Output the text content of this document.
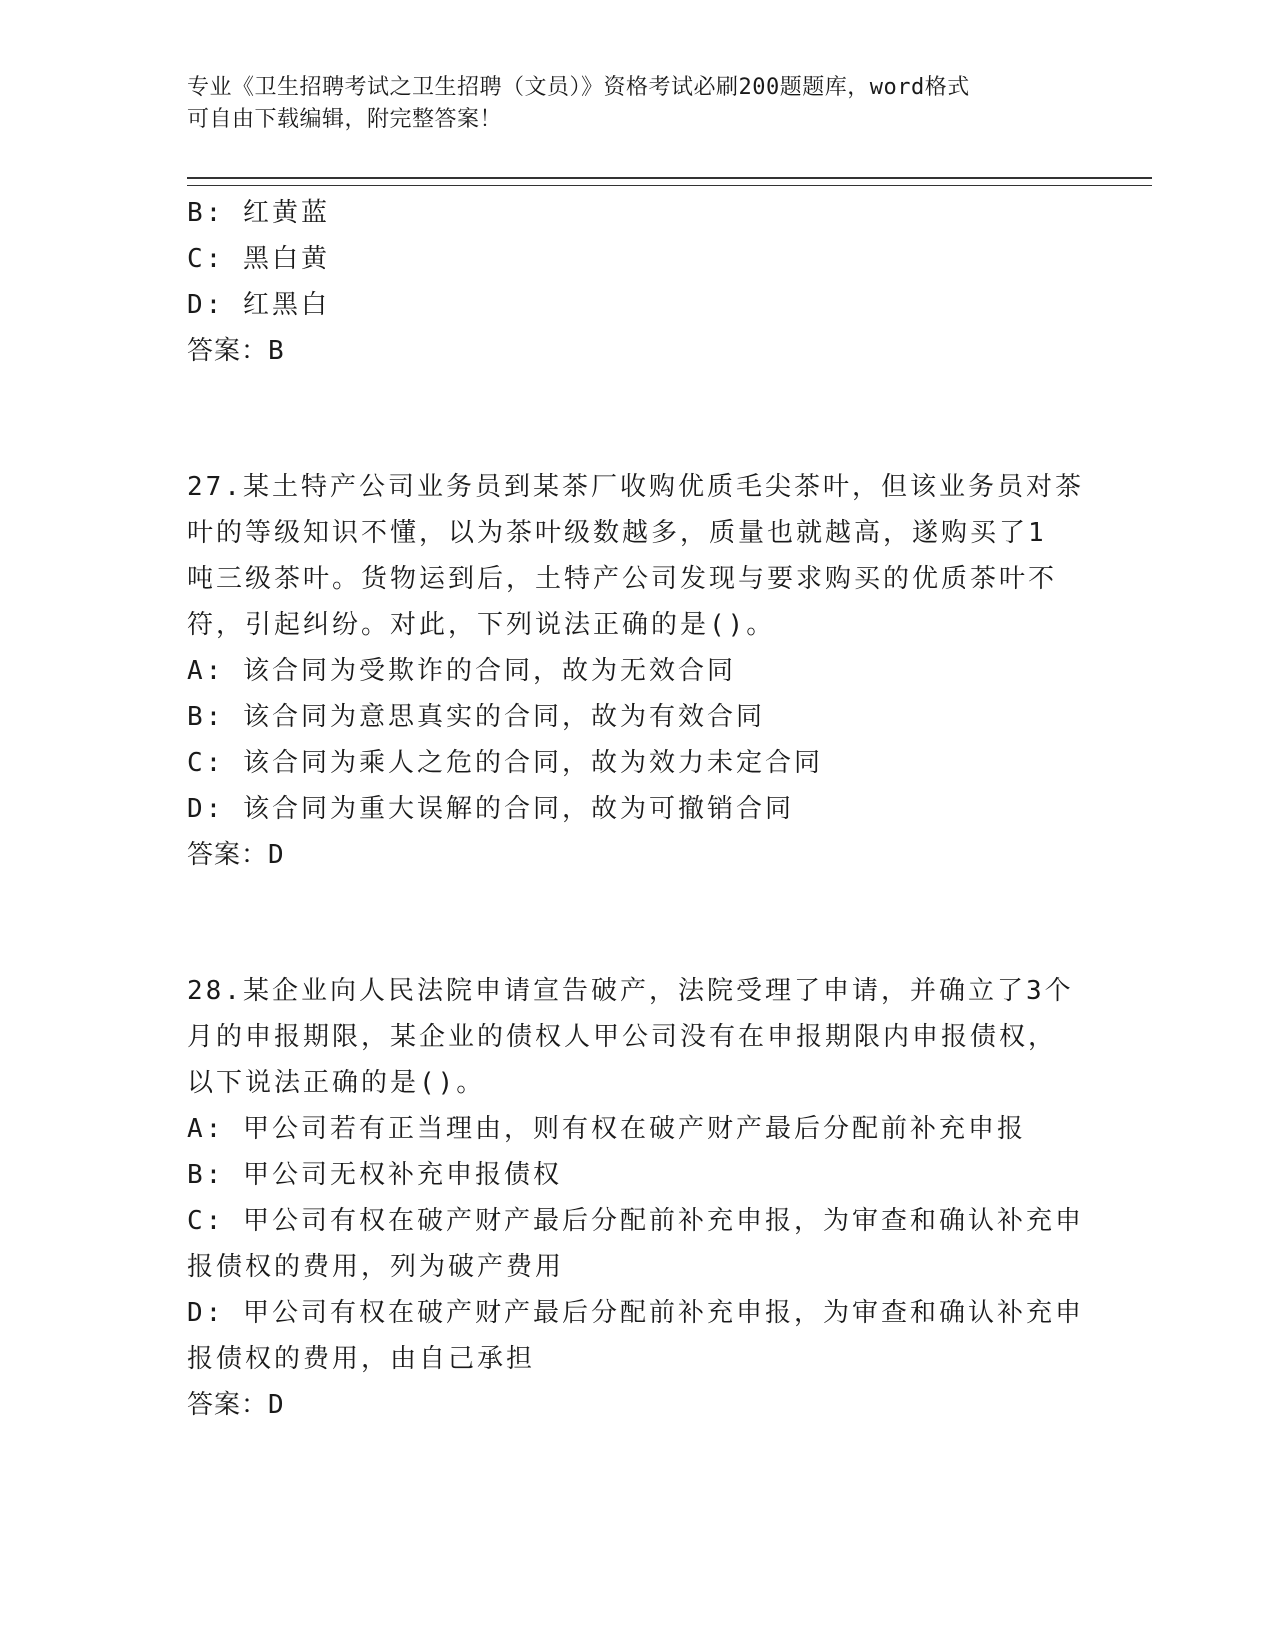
专业《卫生招聘考试之卫生招聘（文员）》资格考试必刷200题题库，word格式
可自由下载编辑，附完整答案！
B: 红黄蓝
C: 黑白黄
D: 红黑白
答案：B
27.某土特产公司业务员到某茶厂收购优质毛尖茶叶，但该业务员对茶
叶的等级知识不懂，以为茶叶级数越多，质量也就越高，遂购买了1
吨三级茶叶。货物运到后，土特产公司发现与要求购买的优质茶叶不
符，引起纠纷。对此，下列说法正确的是()。
A: 该合同为受欺诈的合同，故为无效合同
B: 该合同为意思真实的合同，故为有效合同
C: 该合同为乘人之危的合同，故为效力未定合同
D: 该合同为重大误解的合同，故为可撤销合同
答案：D
28.某企业向人民法院申请宣告破产，法院受理了申请，并确立了3个
月的申报期限，某企业的债权人甲公司没有在申报期限内申报债权，
以下说法正确的是()。
A: 甲公司若有正当理由，则有权在破产财产最后分配前补充申报
B: 甲公司无权补充申报债权
C: 甲公司有权在破产财产最后分配前补充申报，为审查和确认补充申
报债权的费用，列为破产费用
D: 甲公司有权在破产财产最后分配前补充申报，为审查和确认补充申
报债权的费用，由自己承担
答案：D
